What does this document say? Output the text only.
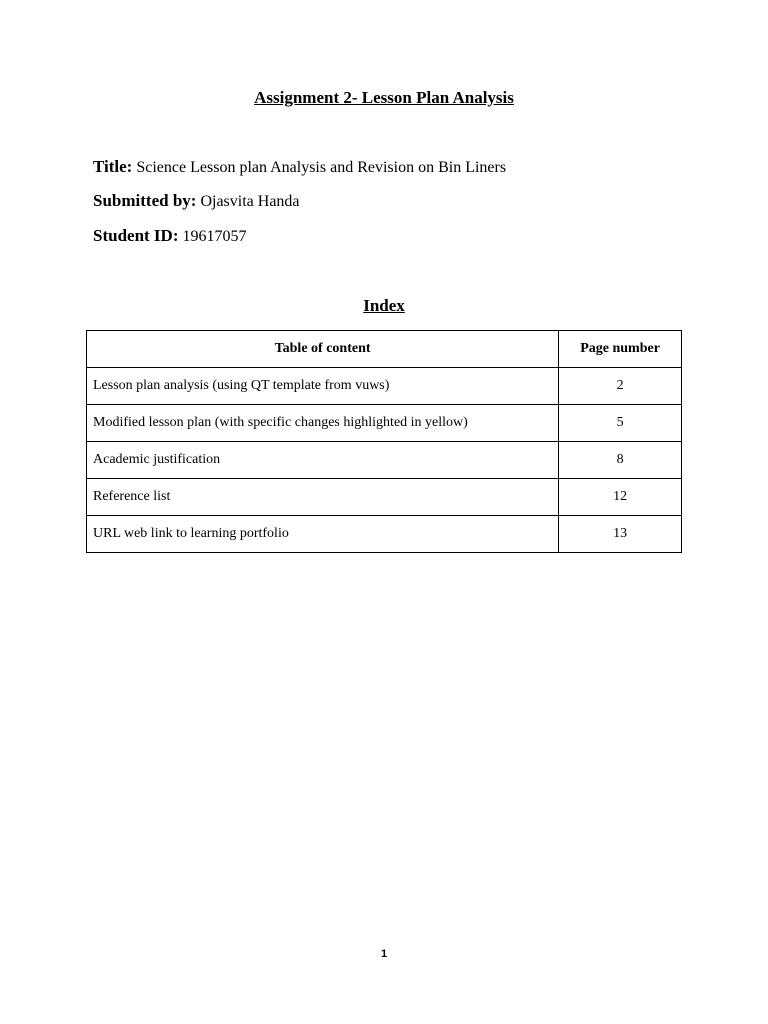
Assignment 2- Lesson Plan Analysis
Title: Science Lesson plan Analysis and Revision on Bin Liners
Submitted by: Ojasvita Handa
Student ID: 19617057
Index
Table of content	Page number
Lesson plan analysis (using QT template from vuws)	2
Modified lesson plan (with specific changes highlighted in yellow)	5
Academic justification	8
Reference list	12
URL web link to learning portfolio	13
1
